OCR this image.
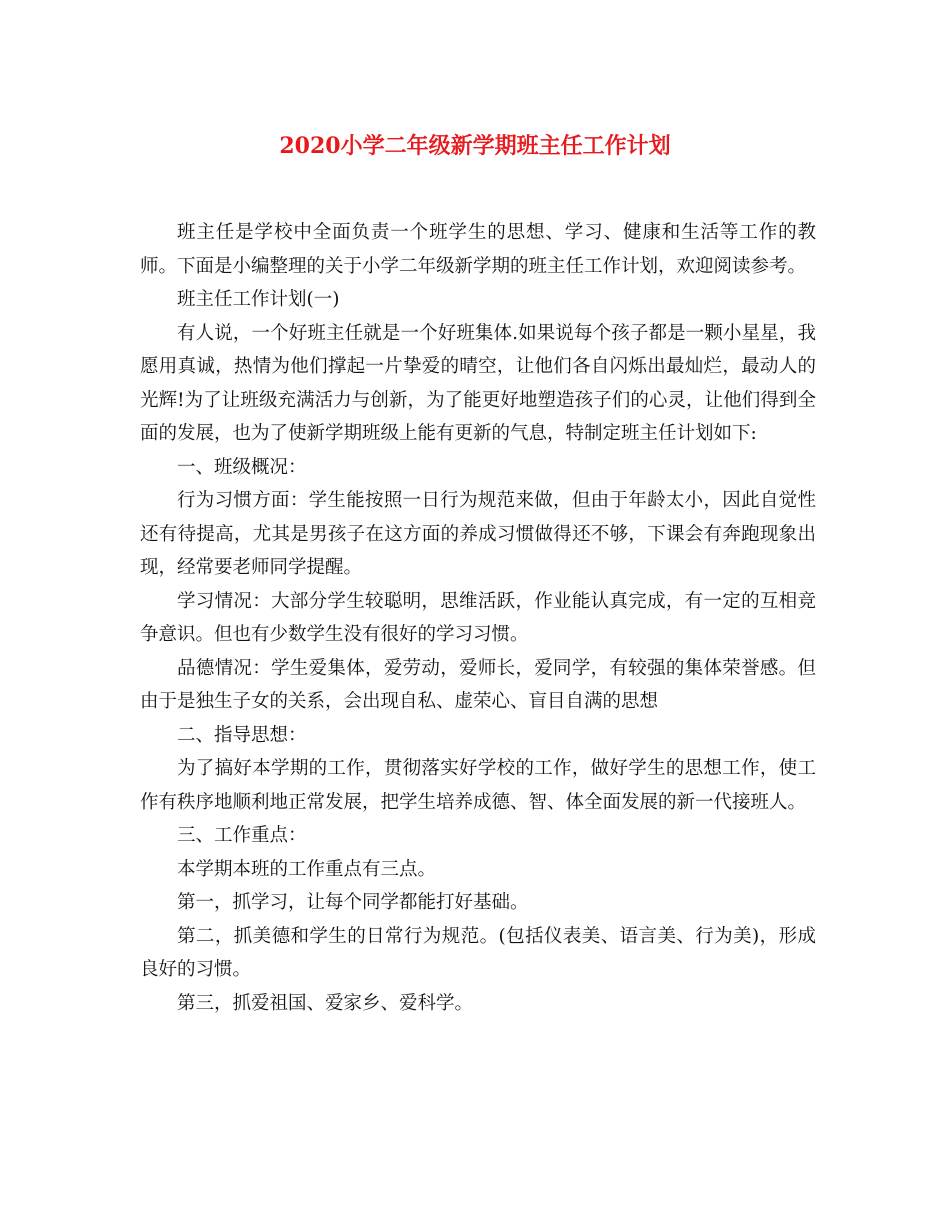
2020小学二年级新学期班主任工作计划

班主任是学校中全面负责一个班学生的思想、学习、健康和生活等工作的教师。下面是小编整理的关于小学二年级新学期的班主任工作计划，欢迎阅读参考。

班主任工作计划(一)

有人说，一个好班主任就是一个好班集体.如果说每个孩子都是一颗小星星，我愿用真诚，热情为他们撑起一片挚爱的晴空，让他们各自闪烁出最灿烂，最动人的光辉!为了让班级充满活力与创新，为了能更好地塑造孩子们的心灵，让他们得到全面的发展，也为了使新学期班级上能有更新的气息，特制定班主任计划如下:

一、班级概况：

行为习惯方面：学生能按照一日行为规范来做，但由于年龄太小，因此自觉性还有待提高，尤其是男孩子在这方面的养成习惯做得还不够，下课会有奔跑现象出现，经常要老师同学提醒。

学习情况：大部分学生较聪明，思维活跃，作业能认真完成，有一定的互相竞争意识。但也有少数学生没有很好的学习习惯。

品德情况：学生爱集体，爱劳动，爱师长，爱同学，有较强的集体荣誉感。但由于是独生子女的关系，会出现自私、虚荣心、盲目自满的思想

二、指导思想：

为了搞好本学期的工作，贯彻落实好学校的工作，做好学生的思想工作，使工作有秩序地顺利地正常发展，把学生培养成德、智、体全面发展的新一代接班人。

三、工作重点：

本学期本班的工作重点有三点。

第一，抓学习，让每个同学都能打好基础。

第二，抓美德和学生的日常行为规范。(包括仪表美、语言美、行为美)，形成良好的习惯。

第三，抓爱祖国、爱家乡、爱科学。
